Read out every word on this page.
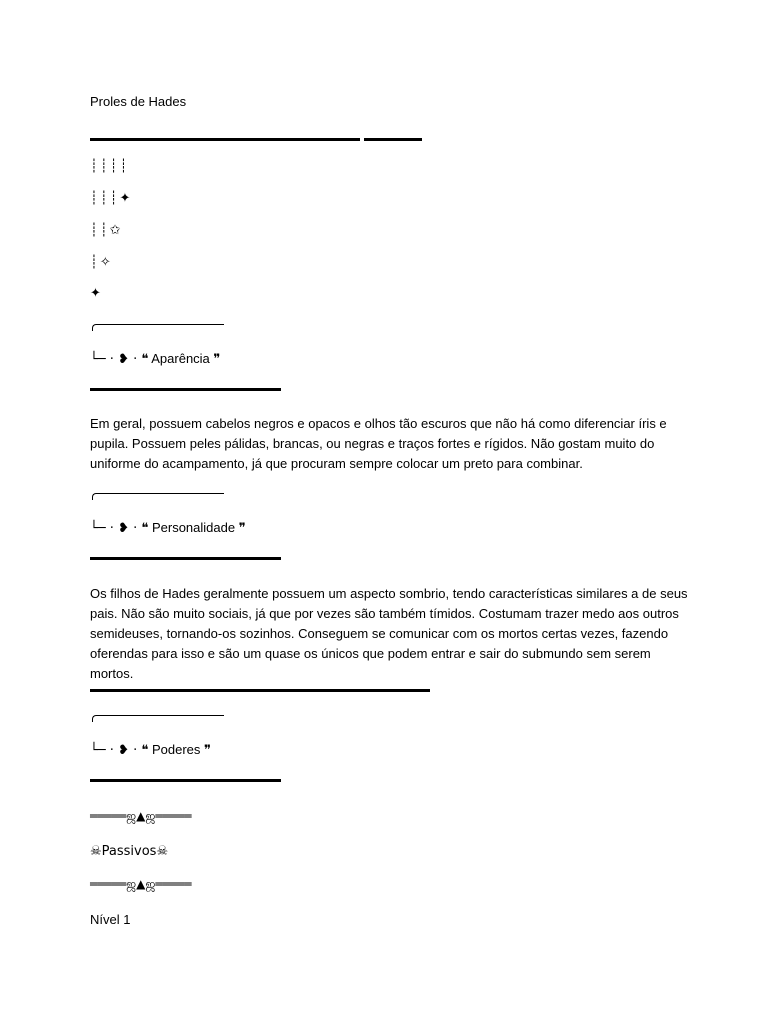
Proles de Hades
┊┊┊┊
┊┊┊✦
┊┊✩
┊✧
✦
└─ · ❥ · ❝ Aparência ❞
Em geral, possuem cabelos negros e opacos e olhos tão escuros que não há como diferenciar íris e pupila. Possuem peles pálidas, brancas, ou negras e traços fortes e rígidos. Não gostam muito do uniforme do acampamento, já que procuram sempre colocar um preto para combinar.
└─ · ❥ · ❝ Personalidade ❞
Os filhos de Hades geralmente possuem um aspecto sombrio, tendo características similares a de seus pais. Não são muito sociais, já que por vezes são também tímidos. Costumam trazer medo aos outros semideuses, tornando-os sozinhos. Conseguem se comunicar com os mortos certas vezes, fazendo oferendas para isso e são um quase os únicos que podem entrar e sair do submundo sem serem mortos.
└─ · ❥ · ❝ Poderes ❞
═════ஜ▲ஜ═════
☠Passivos☠
═════ஜ▲ஜ═════
Nível 1
